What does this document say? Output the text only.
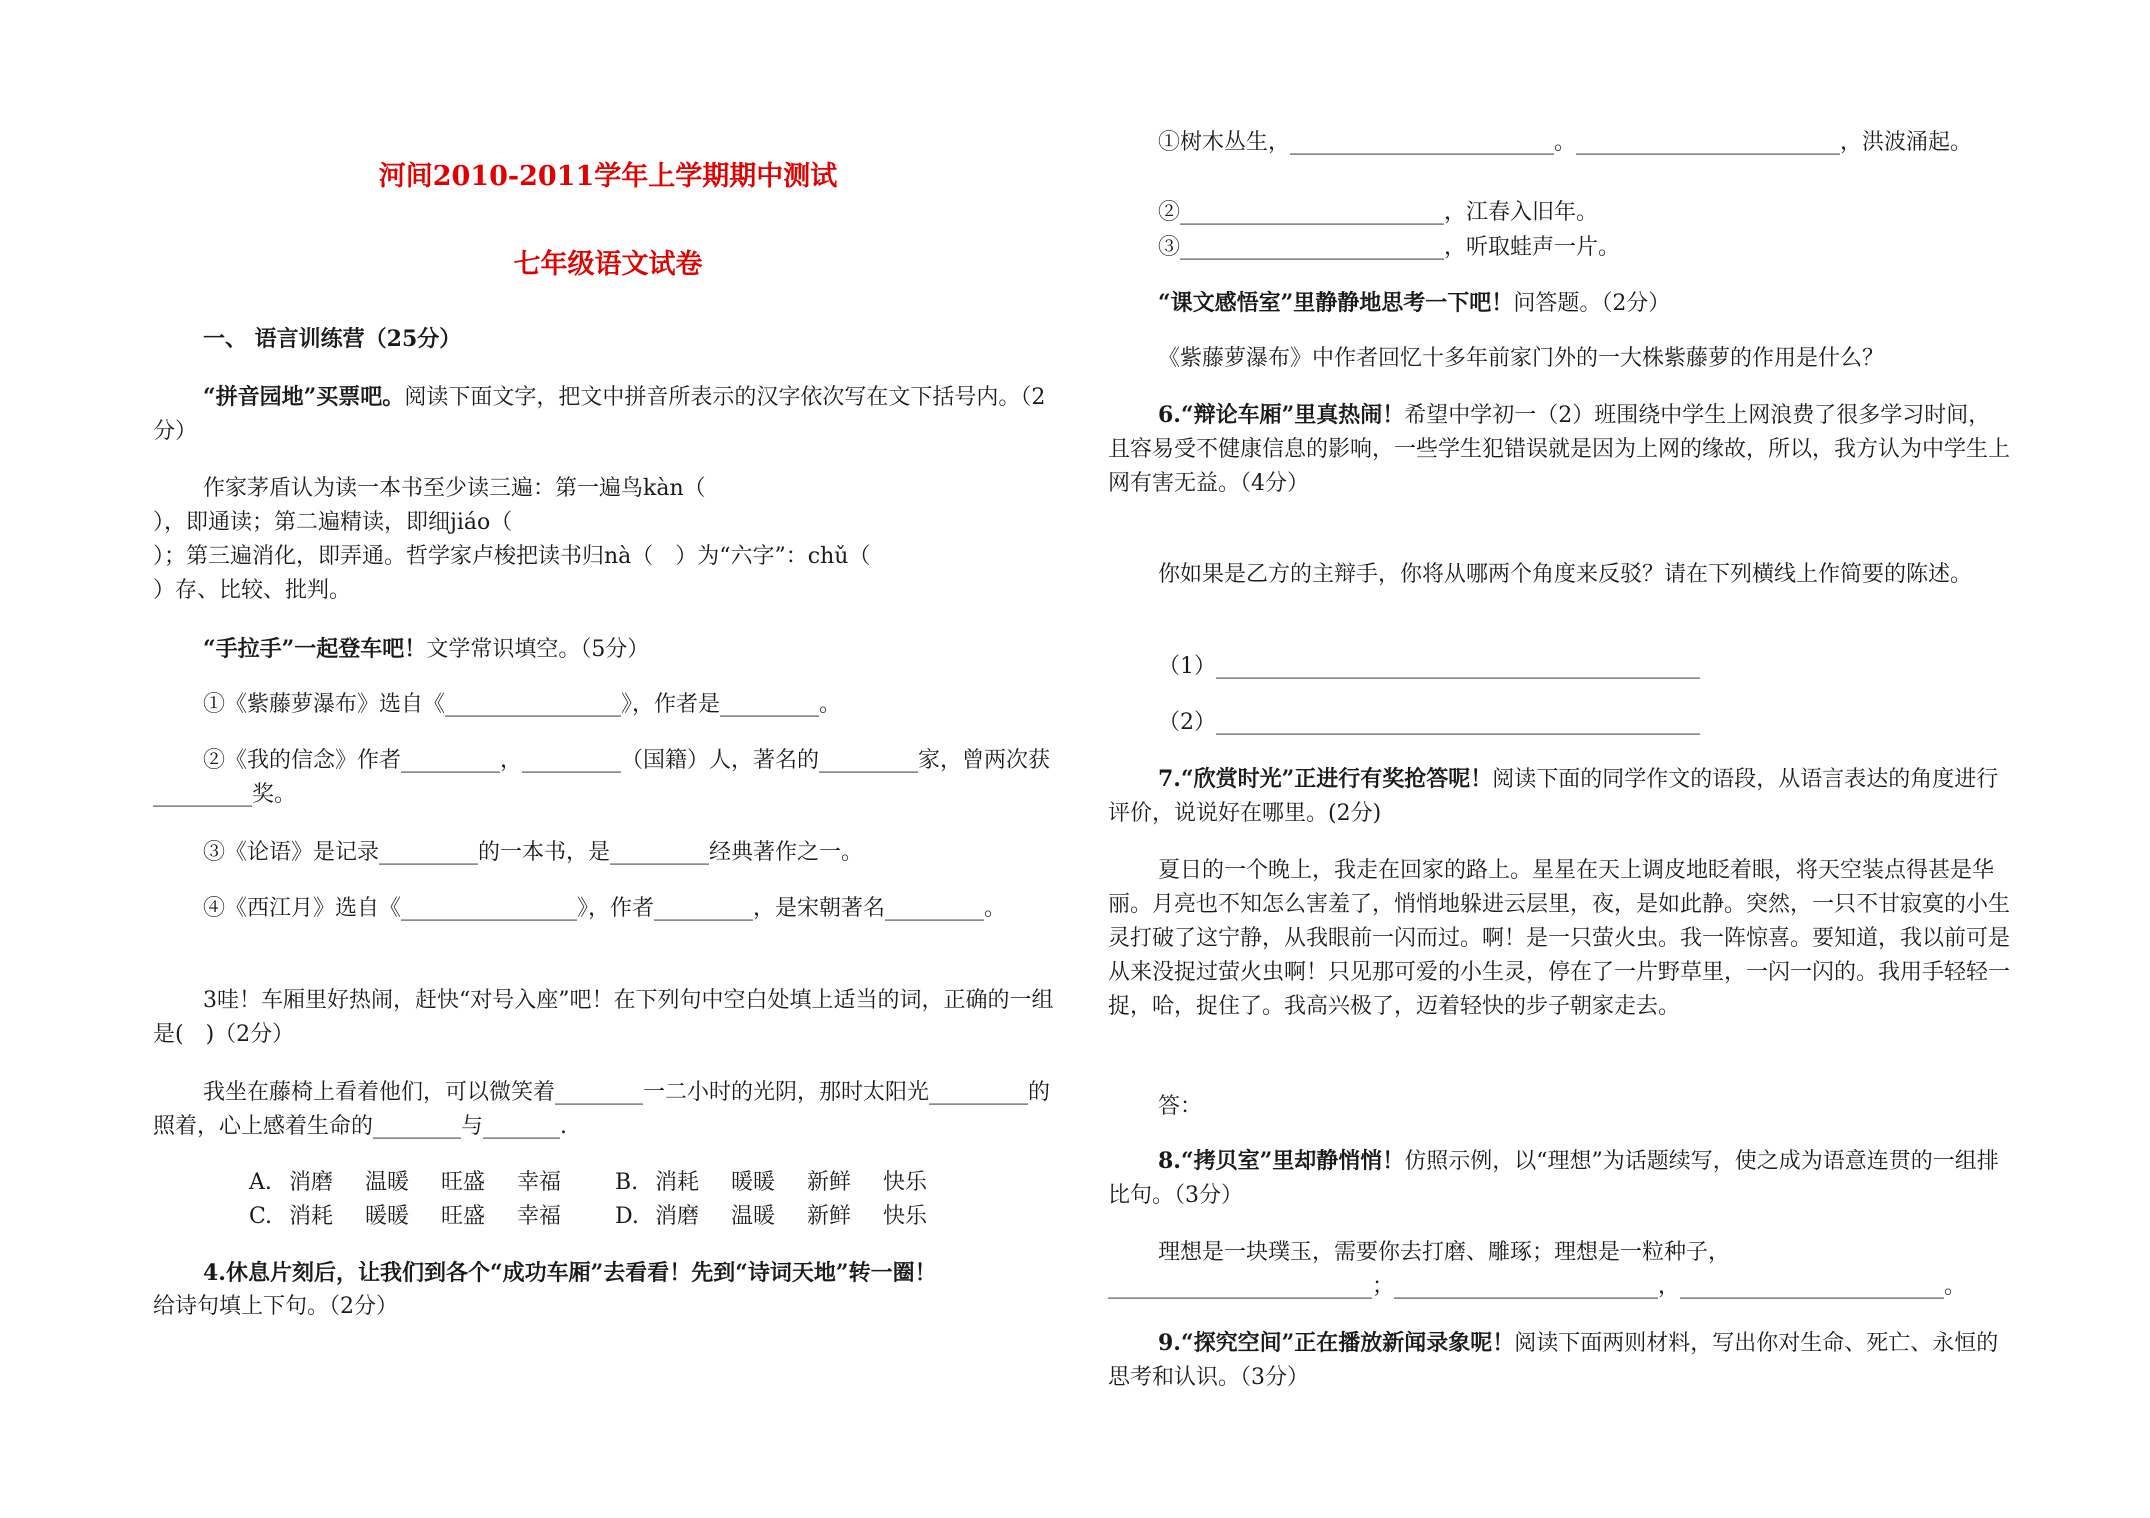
河间2010-2011学年上学期期中测试
七年级语文试卷
一、 语言训练营（25分）
“拼音园地”买票吧。阅读下面文字，把文中拼音所表示的汉字依次写在文下括号内。（2分）

作家茅盾认为读一本书至少读三遍：第一遍鸟kàn（

），即通读；第二遍精读，即细jiáo（

）；第三遍消化，即弄通。哲学家卢梭把读书归nà（　）为“六字”：chǔ（

）存、比较、批判。

“手拉手”一起登车吧！文学常识填空。（5分）
①《紫藤萝瀑布》选自《________________》，作者是_________。
②《我的信念》作者_________，_________（国籍）人，著名的_________家，曾两次获_________奖。
③《论语》是记录_________的一本书，是_________经典著作之一。
④《西江月》选自《________________》，作者_________，是宋朝著名_________。
3哇！车厢里好热闹，赶快“对号入座”吧！在下列句中空白处填上适当的词，正确的一组是(　)（2分）
我坐在藤椅上看着他们，可以微笑着________一二小时的光阴，那时太阳光_________的照着，心上感着生命的________与_______.
A. 消磨 温暖 旺盛 幸福 B. 消耗 暖暖 新鲜 快乐
C. 消耗 暖暖 旺盛 幸福 D. 消磨 温暖 新鲜 快乐

4.休息片刻后，让我们到各个“成功车厢”去看看！先到“诗词天地”转一圈！

给诗句填上下句。（2分）

①树木丛生，________________________。________________________，洪波涌起。
②________________________，江春入旧年。
③________________________，听取蛙声一片。
“课文感悟室”里静静地思考一下吧！问答题。（2分）
《紫藤萝瀑布》中作者回忆十多年前家门外的一大株紫藤萝的作用是什么？
6.“辩论车厢”里真热闹！希望中学初一（2）班围绕中学生上网浪费了很多学习时间，且容易受不健康信息的影响，一些学生犯错误就是因为上网的缘故，所以，我方认为中学生上网有害无益。（4分）
你如果是乙方的主辩手，你将从哪两个角度来反驳？请在下列横线上作简要的陈述。
（1）____________________________________________
（2）____________________________________________
7.“欣赏时光”正进行有奖抢答呢！阅读下面的同学作文的语段，从语言表达的角度进行评价，说说好在哪里。(2分)
夏日的一个晚上，我走在回家的路上。星星在天上调皮地眨着眼，将天空装点得甚是华丽。月亮也不知怎么害羞了，悄悄地躲进云层里，夜，是如此静。突然，一只不甘寂寞的小生灵打破了这宁静，从我眼前一闪而过。啊！是一只萤火虫。我一阵惊喜。要知道，我以前可是从来没捉过萤火虫啊！只见那可爱的小生灵，停在了一片野草里，一闪一闪的。我用手轻轻一捉，哈，捉住了。我高兴极了，迈着轻快的步子朝家走去。
答：
8.“拷贝室”里却静悄悄！仿照示例，以“理想”为话题续写，使之成为语意连贯的一组排比句。（3分）
理想是一块璞玉，需要你去打磨、雕琢；理想是一粒种子，________________________；________________________，________________________。
9.“探究空间”正在播放新闻录象呢！阅读下面两则材料，写出你对生命、死亡、永恒的思考和认识。（3分）
